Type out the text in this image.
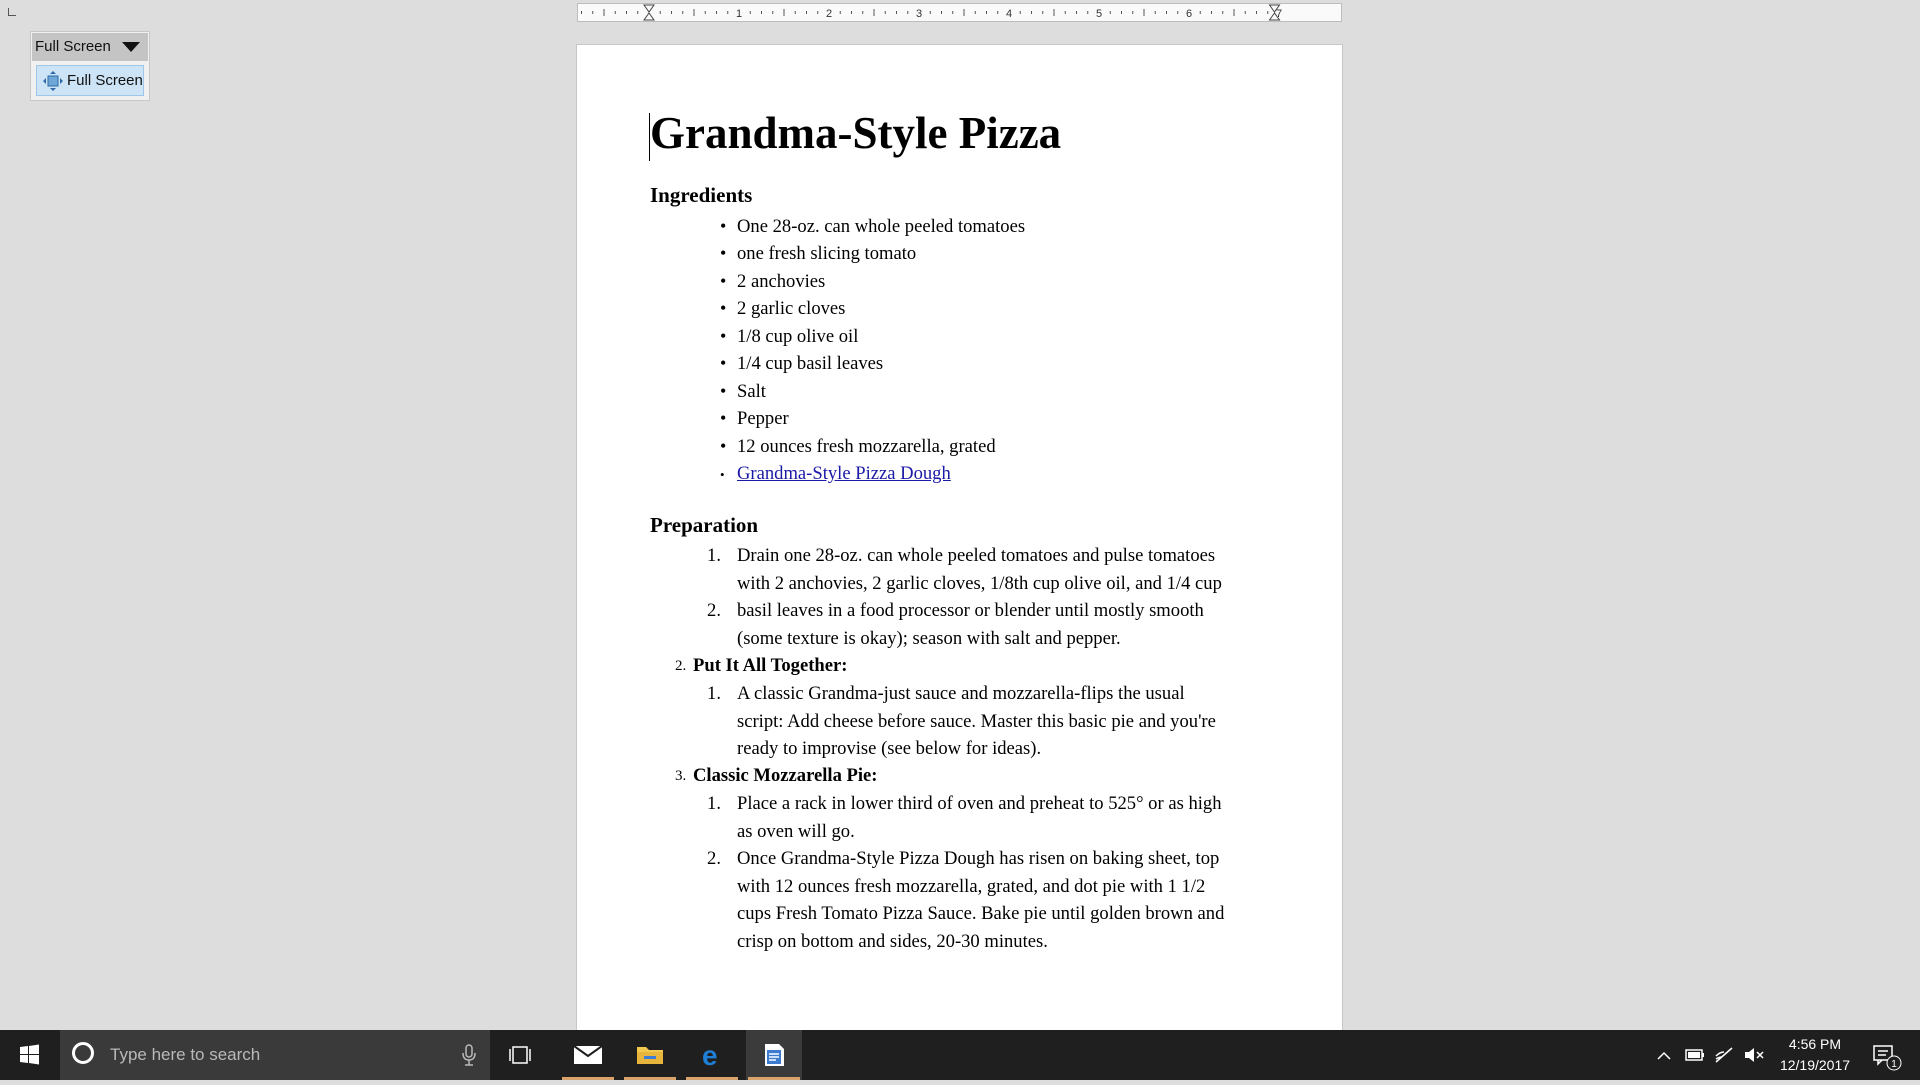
Full Screen
Full Screen
1	2	3	4	5	6	7
Grandma-Style Pizza
Ingredients
• One 28-oz. can whole peeled tomatoes
• one fresh slicing tomato
• 2 anchovies
• 2 garlic cloves
• 1/8 cup olive oil
• 1/4 cup basil leaves
• Salt
• Pepper
• 12 ounces fresh mozzarella, grated
• Grandma-Style Pizza Dough
Preparation
1. Drain one 28-oz. can whole peeled tomatoes and pulse tomatoes
with 2 anchovies, 2 garlic cloves, 1/8th cup olive oil, and 1/4 cup
2. basil leaves in a food processor or blender until mostly smooth
(some texture is okay); season with salt and pepper.
2. Put It All Together:
1. A classic Grandma-just sauce and mozzarella-flips the usual
script: Add cheese before sauce. Master this basic pie and you're
ready to improvise (see below for ideas).
3. Classic Mozzarella Pie:
1. Place a rack in lower third of oven and preheat to 525° or as high
as oven will go.
2. Once Grandma-Style Pizza Dough has risen on baking sheet, top
with 12 ounces fresh mozzarella, grated, and dot pie with 1 1/2
cups Fresh Tomato Pizza Sauce. Bake pie until golden brown and
crisp on bottom and sides, 20-30 minutes.
Type here to search	e	4:56 PM
12/19/2017	1
